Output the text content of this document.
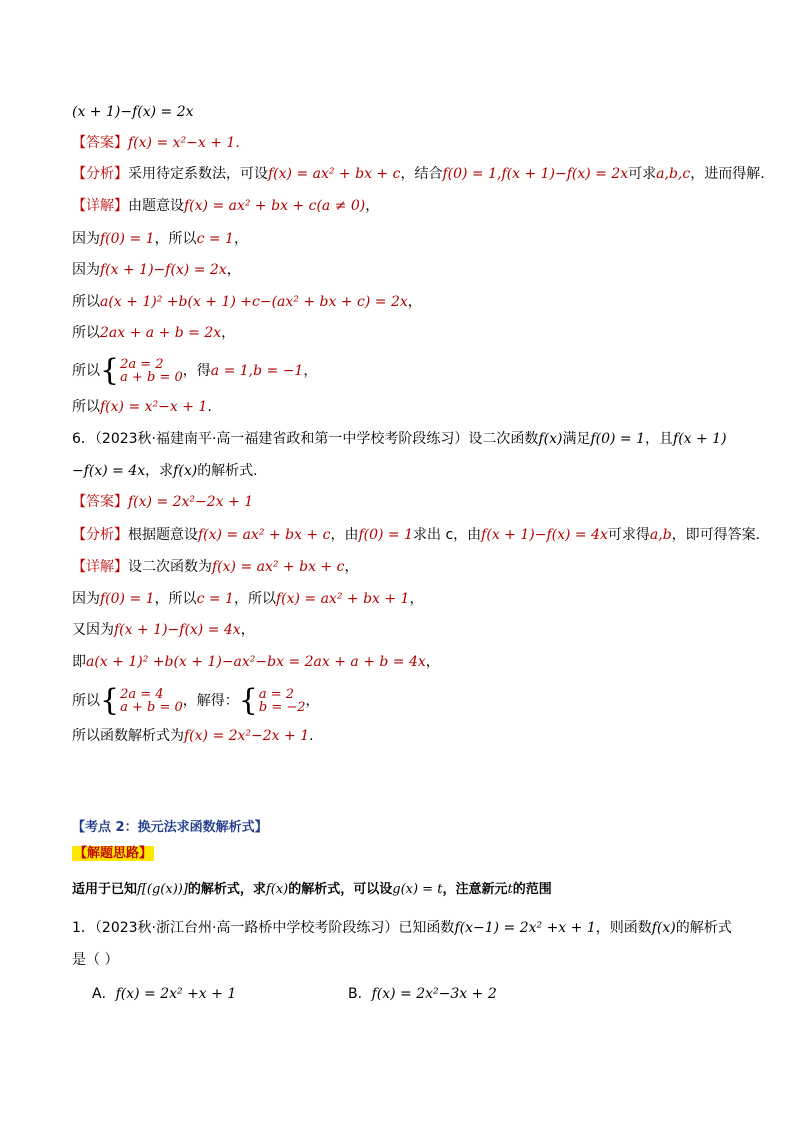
(x + 1)−f(x) = 2x
【答案】f(x) = x²−x + 1.
【分析】采用待定系数法，可设f(x) = ax² + bx + c，结合f(0) = 1,f(x + 1)−f(x) = 2x可求a,b,c，进而得解.
【详解】由题意设f(x) = ax² + bx + c(a ≠ 0)，
因为f(0) = 1，所以c = 1，
因为f(x + 1)−f(x) = 2x，
所以a(x + 1)² +b(x + 1) +c−(ax² + bx + c) = 2x，
所以2ax + a + b = 2x，
所以 { 2a = 2
a + b = 0 ，得a = 1,b = −1，
所以f(x) = x²−x + 1.
6．（2023秋·福建南平·高一福建省政和第一中学校考阶段练习）设二次函数f(x)满足f(0) = 1，且f(x + 1)
−f(x) = 4x，求f(x)的解析式.
【答案】f(x) = 2x²−2x + 1
【分析】根据题意设f(x) = ax² + bx + c，由f(0) = 1求出 c，由f(x + 1)−f(x) = 4x可求得a,b，即可得答案.
【详解】设二次函数为f(x) = ax² + bx + c，
因为f(0) = 1，所以c = 1，所以f(x) = ax² + bx + 1，
又因为f(x + 1)−f(x) = 4x，
即a(x + 1)² +b(x + 1)−ax²−bx = 2ax + a + b = 4x，
所以 { 2a = 4
a + b = 0 ，解得： { a = 2
b = −2 ，
所以函数解析式为f(x) = 2x²−2x + 1.
【考点 2：换元法求函数解析式】
【解题思路】
适用于已知f[(g(x))]的解析式，求f(x)的解析式，可以设g(x) = t，注意新元t的范围
1．（2023秋·浙江台州·高一路桥中学校考阶段练习）已知函数f(x−1) = 2x² +x + 1，则函数f(x)的解析式
是（ ）
A．f(x) = 2x² +x + 1	B．f(x) = 2x²−3x + 2
